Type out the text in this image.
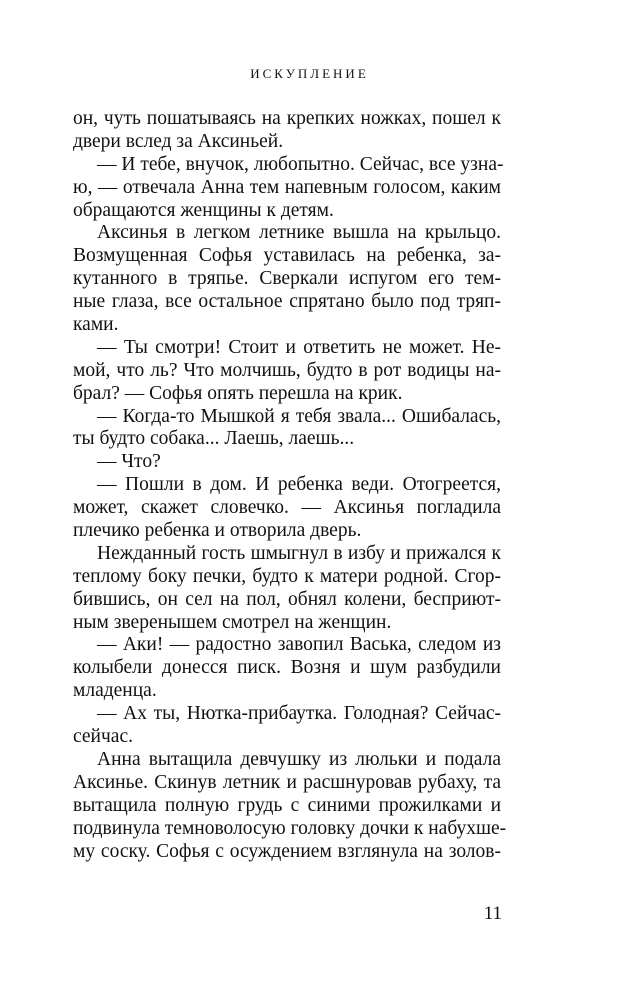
ИСКУПЛЕНИЕ
он, чуть пошатываясь на крепких ножках, пошел к
двери вслед за Аксиньей.
— И тебе, внучок, любопытно. Сейчас, все узна-
ю, — отвечала Анна тем напевным голосом, каким
обращаются женщины к детям.
Аксинья в легком летнике вышла на крыльцо.
Возмущенная Софья уставилась на ребенка, за-
кутанного в тряпье. Сверкали испугом его тем-
ные глаза, все остальное спрятано было под тряп-
ками.
— Ты смотри! Стоит и ответить не может. Не-
мой, что ль? Что молчишь, будто в рот водицы на-
брал? — Софья опять перешла на крик.
— Когда-то Мышкой я тебя звала... Ошибалась,
ты будто собака... Лаешь, лаешь...
— Что?
— Пошли в дом. И ребенка веди. Отогреется,
может, скажет словечко. — Аксинья погладила
плечико ребенка и отворила дверь.
Нежданный гость шмыгнул в избу и прижался к
теплому боку печки, будто к матери родной. Сгор-
бившись, он сел на пол, обнял колени, бесприют-
ным зверенышем смотрел на женщин.
— Аки! — радостно завопил Васька, следом из
колыбели донесся писк. Возня и шум разбудили
младенца.
— Ах ты, Нютка-прибаутка. Голодная? Сейчас-
сейчас.
Анна вытащила девчушку из люльки и подала
Аксинье. Скинув летник и расшнуровав рубаху, та
вытащила полную грудь с синими прожилками и
подвинула темноволосую головку дочки к набухше-
му соску. Софья с осуждением взглянула на золов-
11
